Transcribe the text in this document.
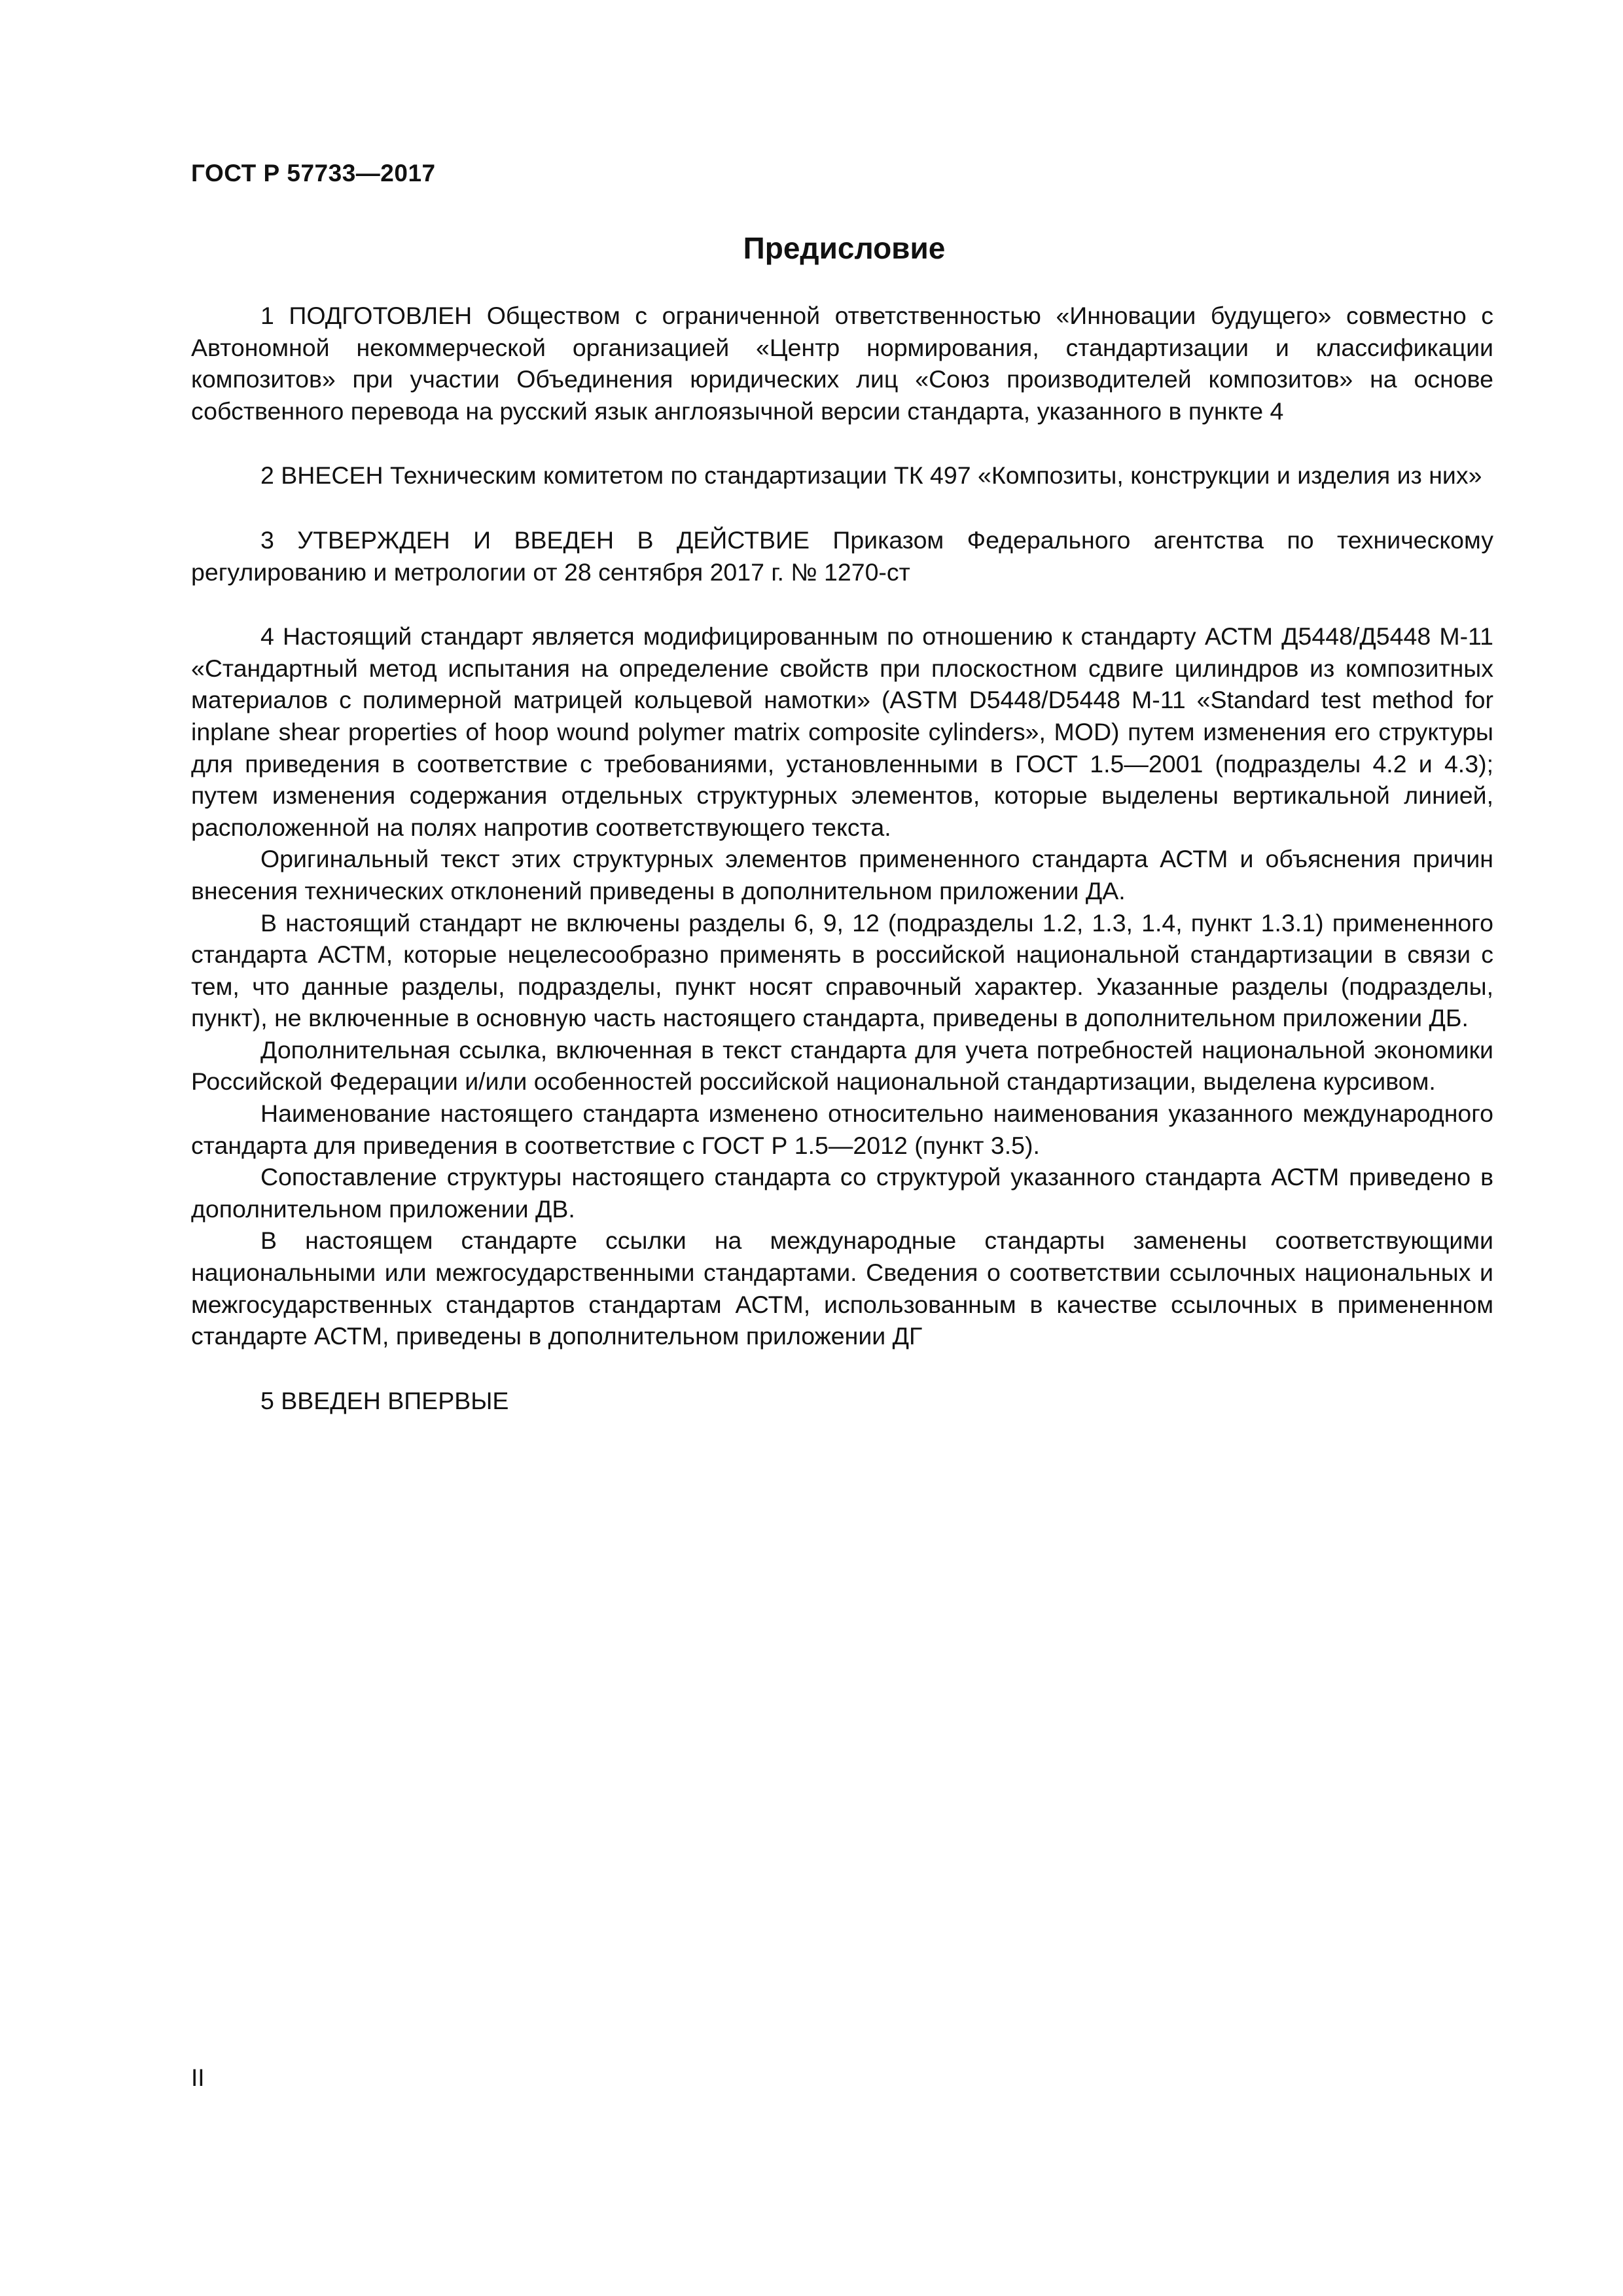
ГОСТ Р 57733—2017
Предисловие

1 ПОДГОТОВЛЕН Обществом с ограниченной ответственностью «Инновации будущего» совместно с Автономной некоммерческой организацией «Центр нормирования, стандартизации и классификации композитов» при участии Объединения юридических лиц «Союз производителей композитов» на основе собственного перевода на русский язык англоязычной версии стандарта, указанного в пункте 4

2 ВНЕСЕН Техническим комитетом по стандартизации ТК 497 «Композиты, конструкции и изделия из них»

3 УТВЕРЖДЕН И ВВЕДЕН В ДЕЙСТВИЕ Приказом Федерального агентства по техническому регулированию и метрологии от 28 сентября 2017 г. № 1270-ст

4 Настоящий стандарт является модифицированным по отношению к стандарту АСТМ Д5448/Д5448 М-11 «Стандартный метод испытания на определение свойств при плоскостном сдвиге цилиндров из композитных материалов с полимерной матрицей кольцевой намотки» (ASTM D5448/D5448 M-11 «Standard test method for inplane shear properties of hoop wound polymer matrix composite cylinders», MOD) путем изменения его структуры для приведения в соответствие с требованиями, установленными в ГОСТ 1.5—2001 (подразделы 4.2 и 4.3); путем изменения содержания отдельных структурных элементов, которые выделены вертикальной линией, расположенной на полях напротив соответствующего текста.

Оригинальный текст этих структурных элементов примененного стандарта АСТМ и объяснения причин внесения технических отклонений приведены в дополнительном приложении ДА.

В настоящий стандарт не включены разделы 6, 9, 12 (подразделы 1.2, 1.3, 1.4, пункт 1.3.1) примененного стандарта АСТМ, которые нецелесообразно применять в российской национальной стандартизации в связи с тем, что данные разделы, подразделы, пункт носят справочный характер. Указанные разделы (подразделы, пункт), не включенные в основную часть настоящего стандарта, приведены в дополнительном приложении ДБ.

Дополнительная ссылка, включенная в текст стандарта для учета потребностей национальной экономики Российской Федерации и/или особенностей российской национальной стандартизации, выделена курсивом.

Наименование настоящего стандарта изменено относительно наименования указанного международного стандарта для приведения в соответствие с ГОСТ Р 1.5—2012 (пункт 3.5).

Сопоставление структуры настоящего стандарта со структурой указанного стандарта АСТМ приведено в дополнительном приложении ДВ.

В настоящем стандарте ссылки на международные стандарты заменены соответствующими национальными или межгосударственными стандартами. Сведения о соответствии ссылочных национальных и межгосударственных стандартов стандартам АСТМ, использованным в качестве ссылочных в примененном стандарте АСТМ, приведены в дополнительном приложении ДГ

5 ВВЕДЕН ВПЕРВЫЕ

II
